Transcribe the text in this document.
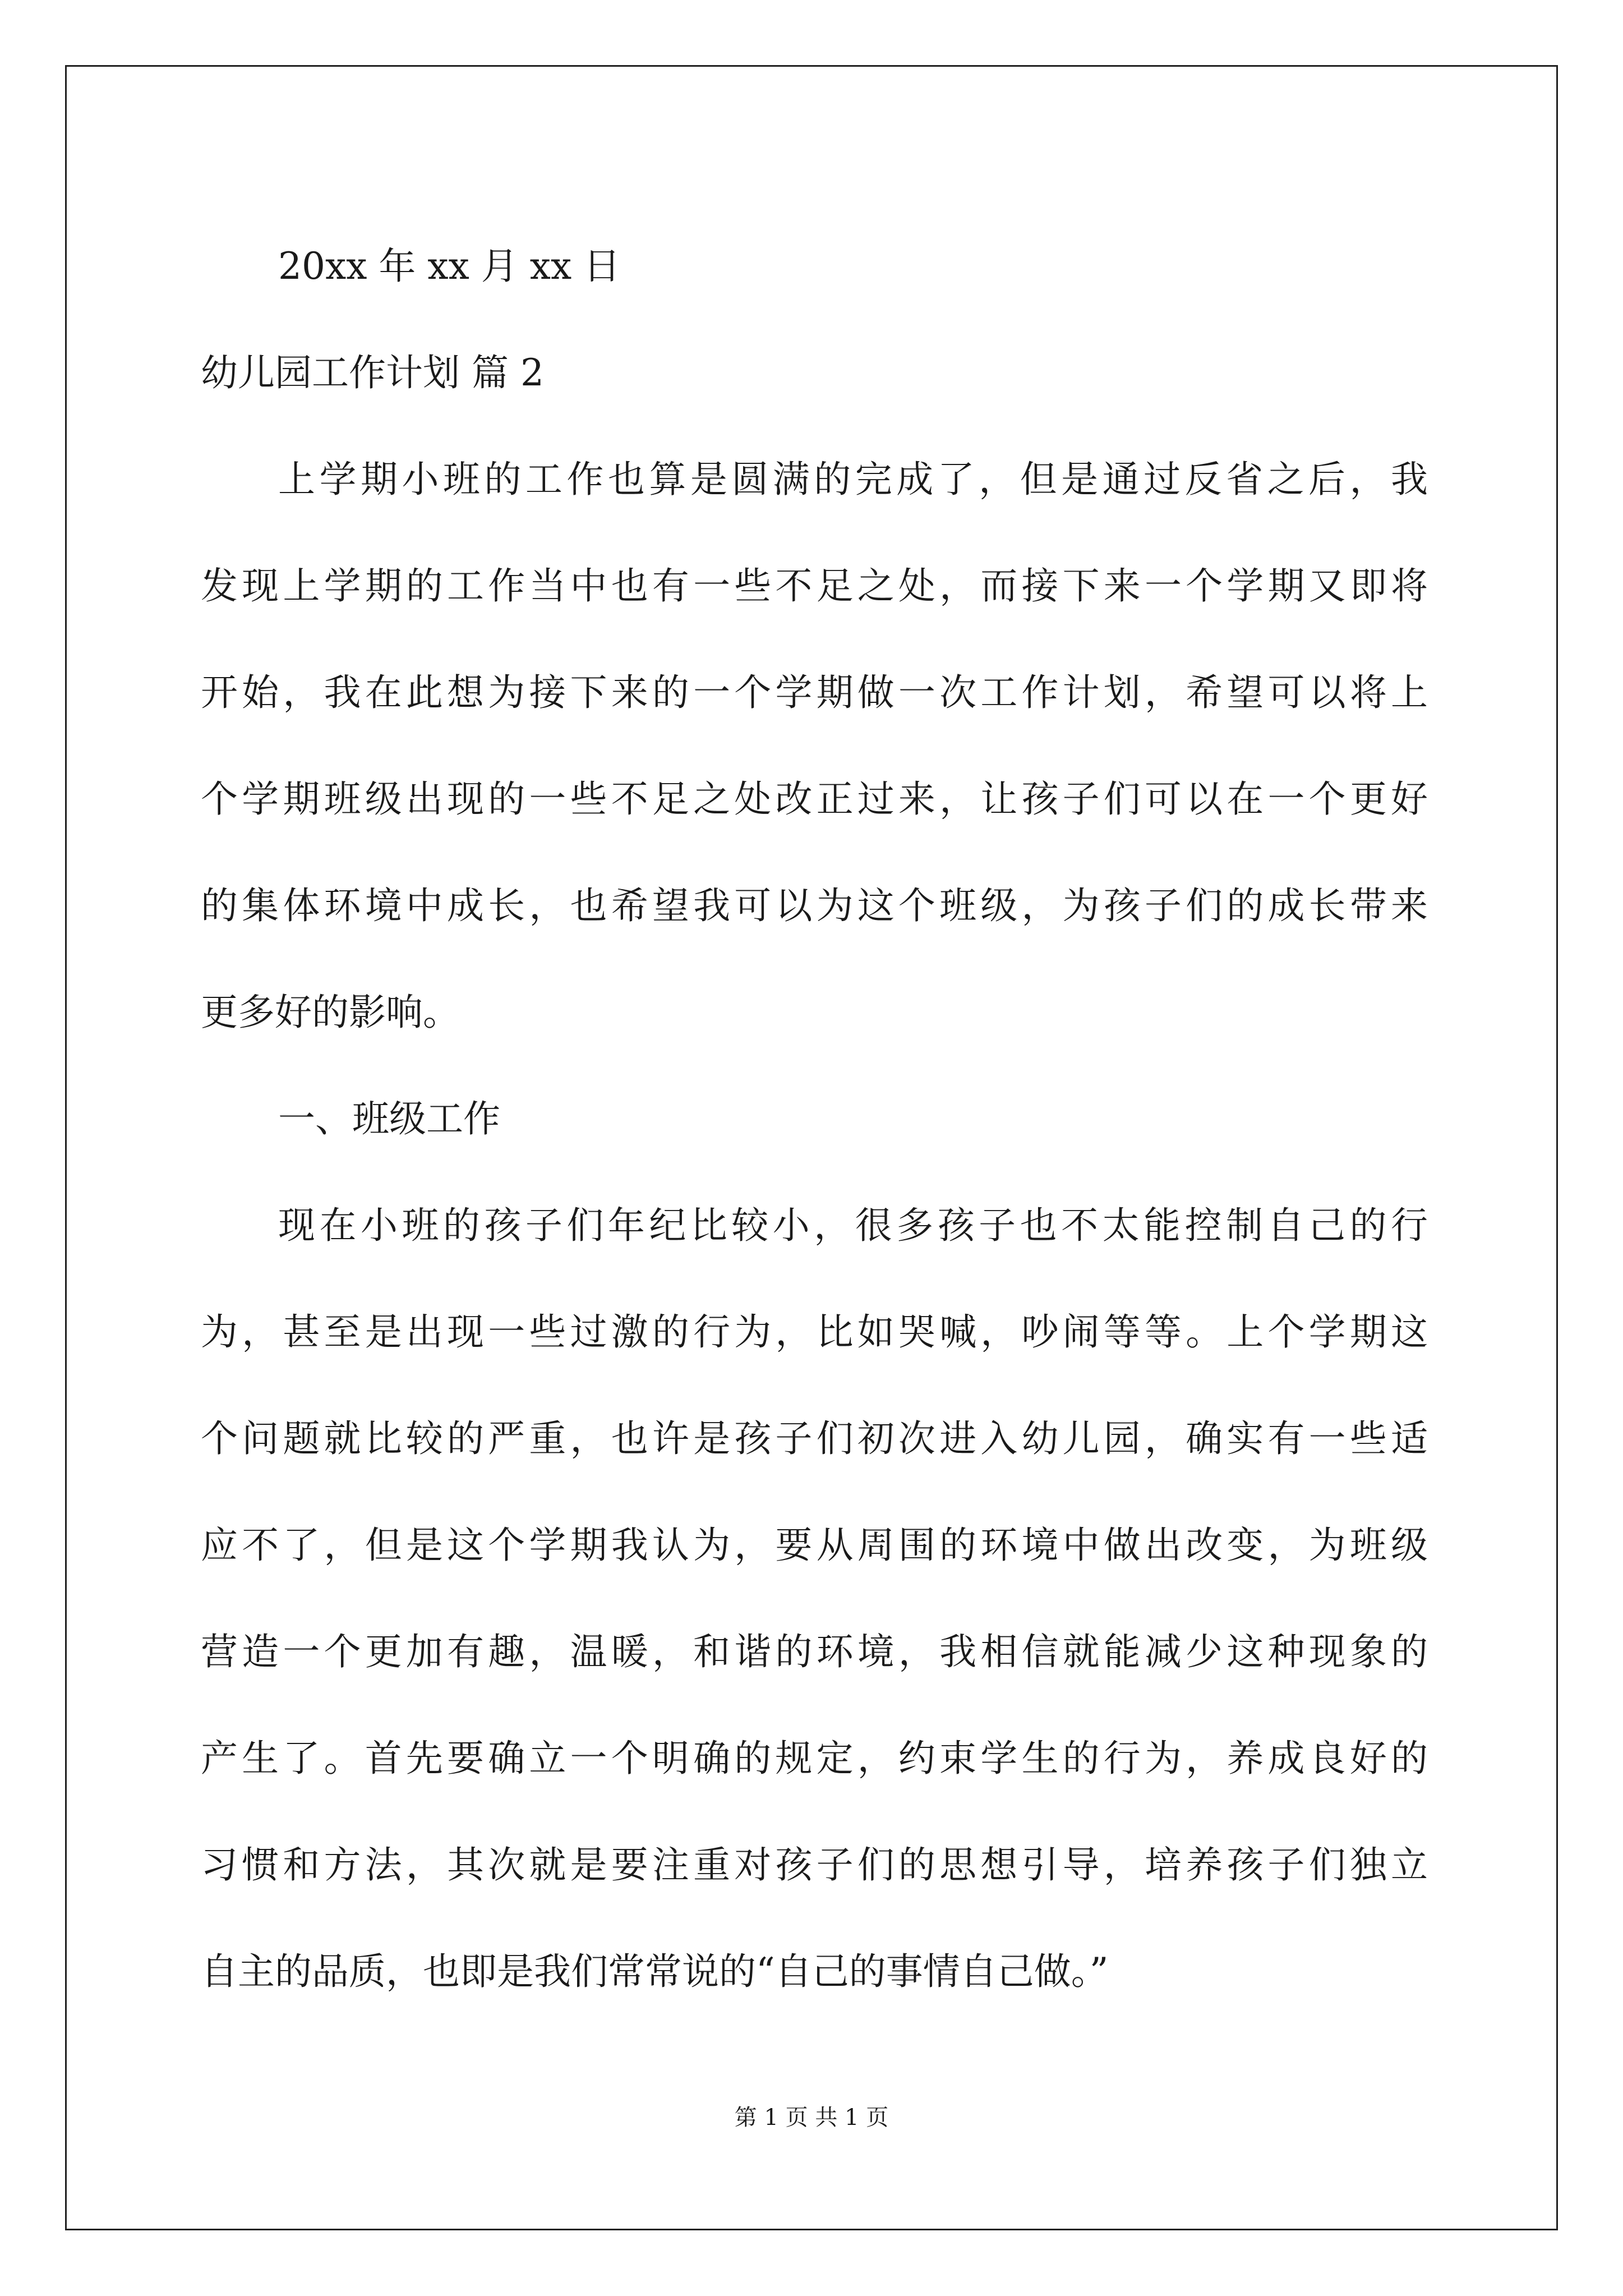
20xx 年 xx 月 xx 日
幼儿园工作计划 篇 2
上学期小班的工作也算是圆满的完成了，但是通过反省之后，我
发现上学期的工作当中也有一些不足之处，而接下来一个学期又即将
开始，我在此想为接下来的一个学期做一次工作计划，希望可以将上
个学期班级出现的一些不足之处改正过来，让孩子们可以在一个更好
的集体环境中成长，也希望我可以为这个班级，为孩子们的成长带来
更多好的影响。
一、班级工作
现在小班的孩子们年纪比较小，很多孩子也不太能控制自己的行
为，甚至是出现一些过激的行为，比如哭喊，吵闹等等。上个学期这
个问题就比较的严重，也许是孩子们初次进入幼儿园，确实有一些适
应不了，但是这个学期我认为，要从周围的环境中做出改变，为班级
营造一个更加有趣，温暖，和谐的环境，我相信就能减少这种现象的
产生了。首先要确立一个明确的规定，约束学生的行为，养成良好的
习惯和方法，其次就是要注重对孩子们的思想引导，培养孩子们独立
自主的品质，也即是我们常常说的“自己的事情自己做。”
第 1 页 共 1 页
